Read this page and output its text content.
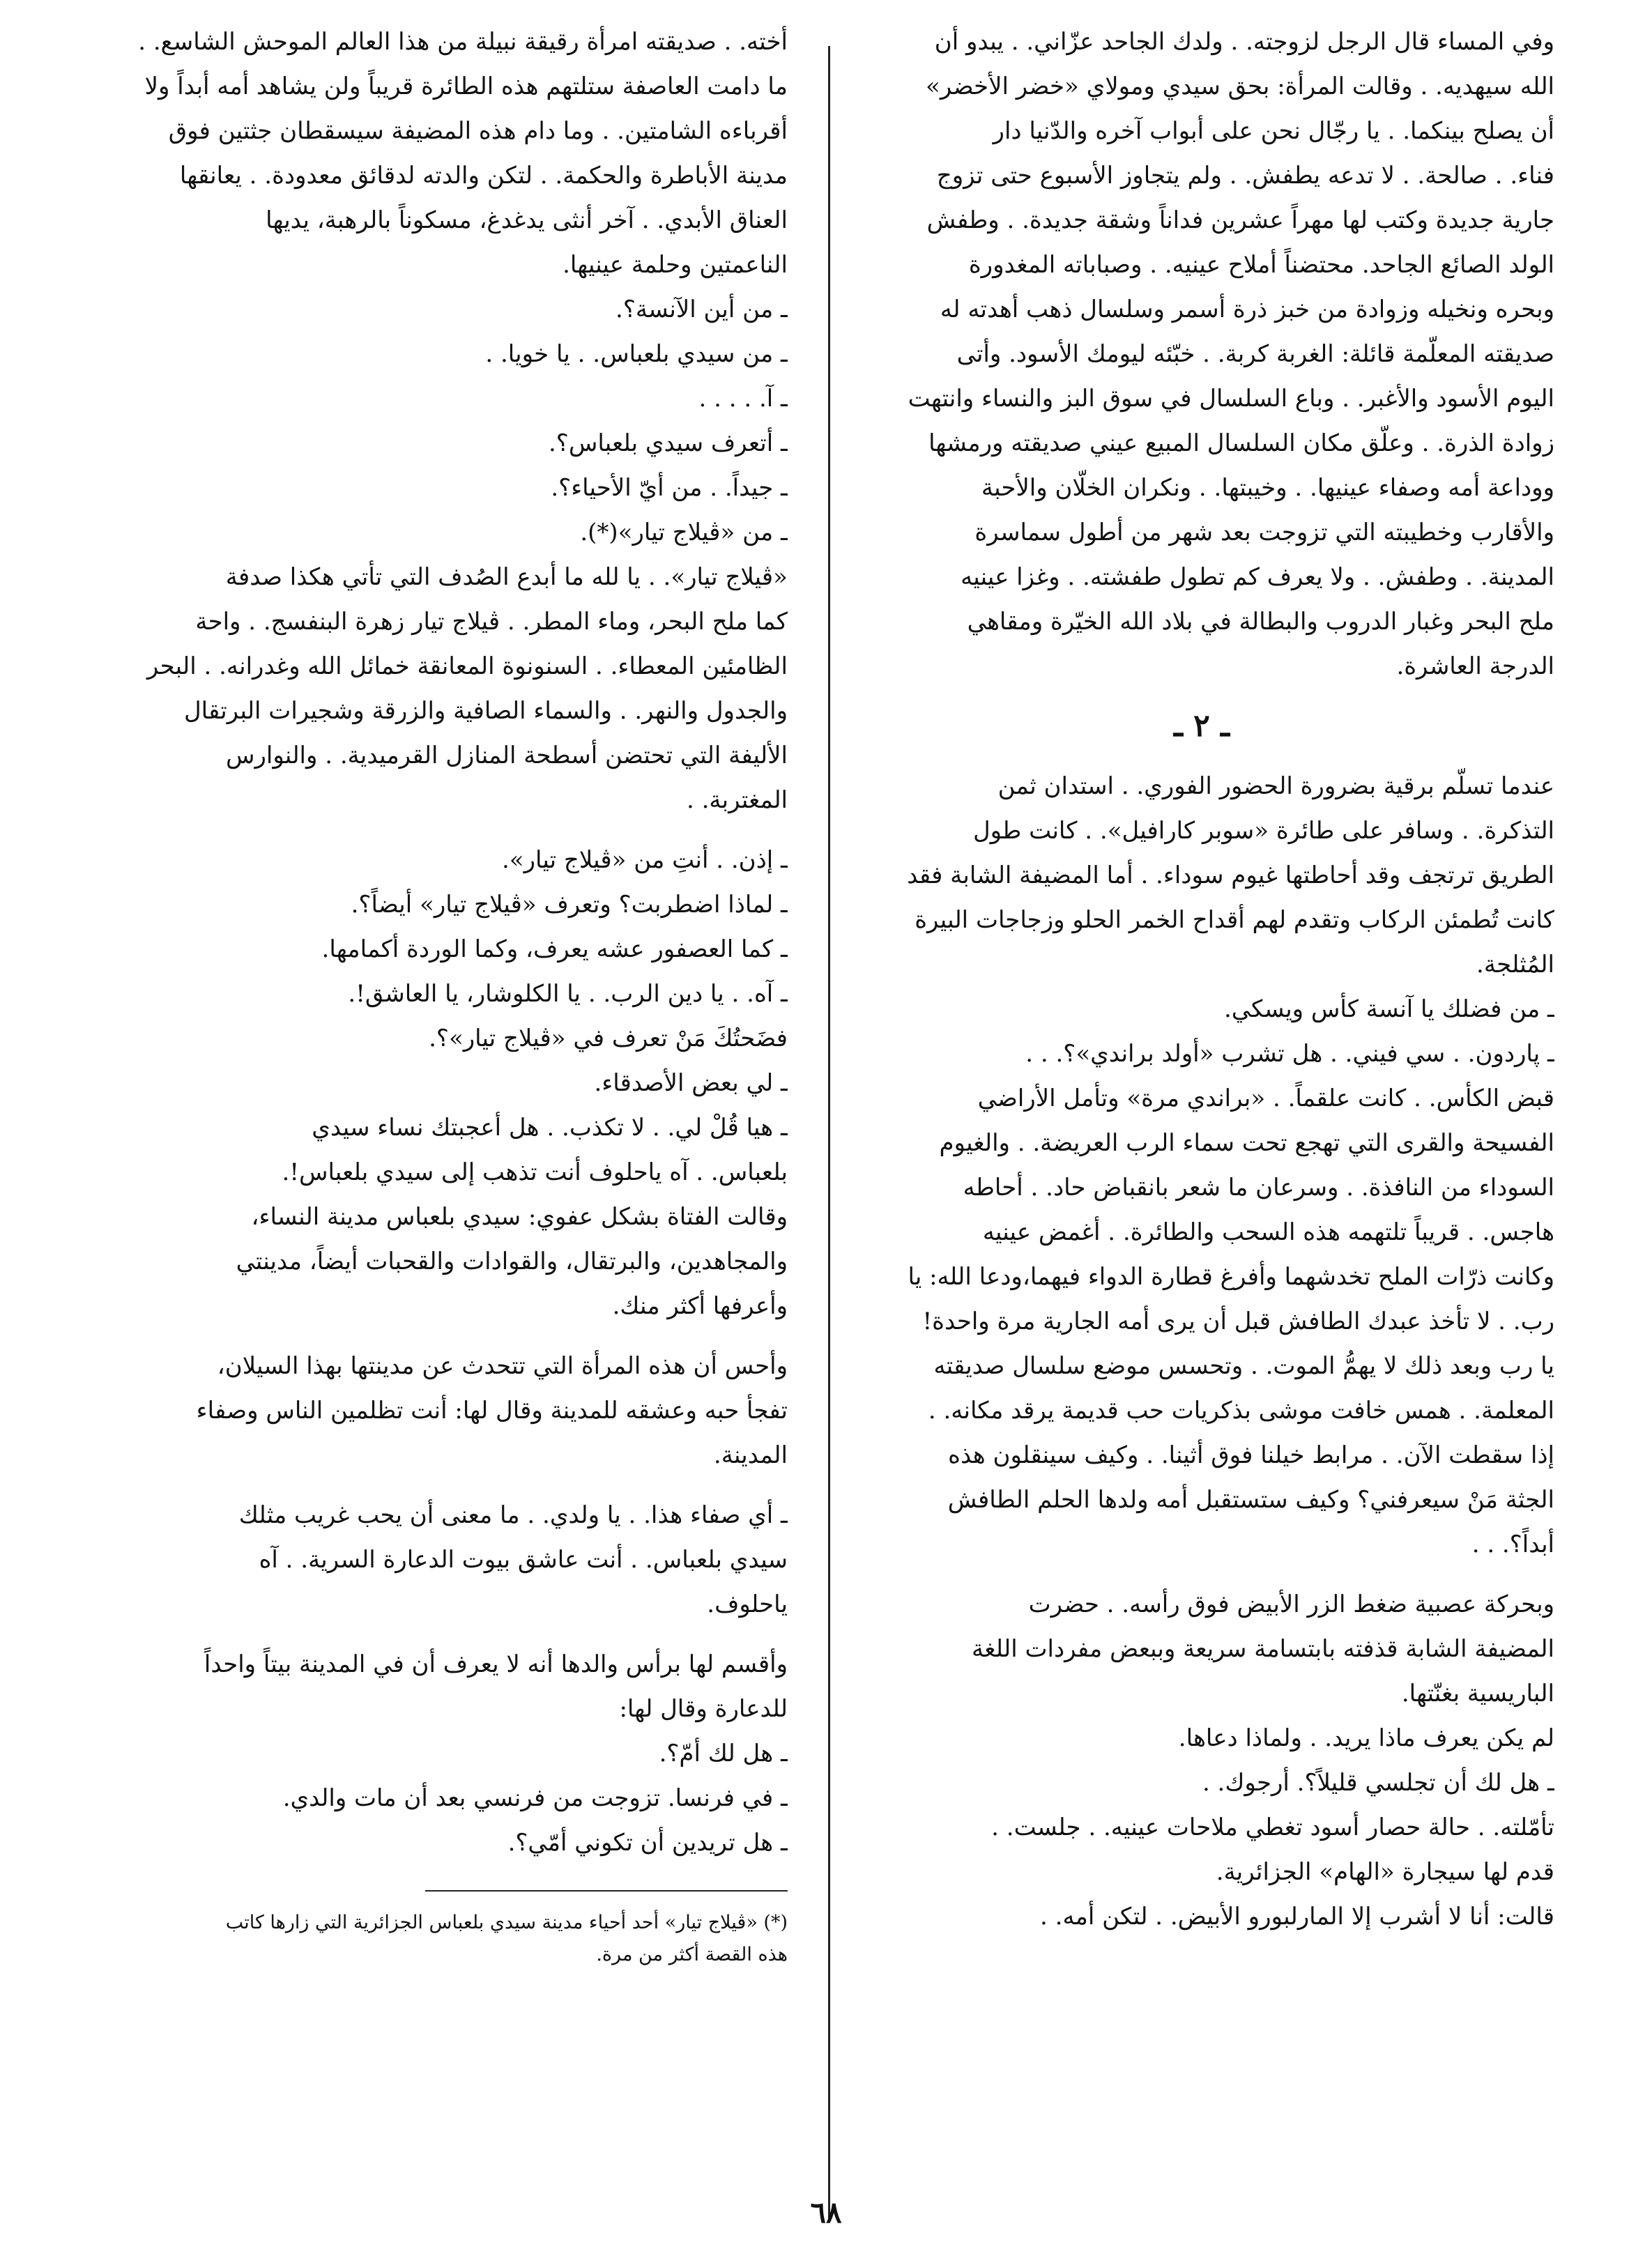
وفي المساء قال الرجل لزوجته. . ولدك الجاحد عزّاني. . يبدو أن

الله سيهديه. . وقالت المرأة: بحق سيدي ومولاي «خضر الأخضر»

أن يصلح بينكما. . يا رجّال نحن على أبواب آخره والدّنيا دار

فناء. . صالحة. . لا تدعه يطفش. . ولم يتجاوز الأسبوع حتى تزوج

جارية جديدة وكتب لها مهراً عشرين فداناً وشقة جديدة. . وطفش

الولد الصائع الجاحد. محتضناً أملاح عينيه. . وصباباته المغدورة

وبحره ونخيله وزوادة من خبز ذرة أسمر وسلسال ذهب أهدته له

صديقته المعلّمة قائلة: الغربة كربة. . خبّئه ليومك الأسود. وأتى

اليوم الأسود والأغبر. . وباع السلسال في سوق البز والنساء وانتهت

زوادة الذرة. . وعلّق مكان السلسال المبيع عيني صديقته ورمشها

ووداعة أمه وصفاء عينيها. . وخيبتها. . ونكران الخلّان والأحبة

والأقارب وخطيبته التي تزوجت بعد شهر من أطول سماسرة

المدينة. . وطفش. . ولا يعرف كم تطول طفشته. . وغزا عينيه

ملح البحر وغبار الدروب والبطالة في بلاد الله الخيّرة ومقاهي

الدرجة العاشرة.

ـ ٢ ـ

عندما تسلّم برقية بضرورة الحضور الفوري. . استدان ثمن

التذكرة. . وسافر على طائرة «سوبر كارافيل». . كانت طول

الطريق ترتجف وقد أحاطتها غيوم سوداء. . أما المضيفة الشابة فقد

كانت تُطمئن الركاب وتقدم لهم أقداح الخمر الحلو وزجاجات البيرة

المُثلجة.

ـ من فضلك يا آنسة كأس ويسكي.

ـ پاردون. . سي فيني. . هل تشرب «أولد براندي»؟. . .

قبض الكأس. . كانت علقماً. . «براندي مرة» وتأمل الأراضي

الفسيحة والقرى التي تهجع تحت سماء الرب العريضة. . والغيوم

السوداء من النافذة. . وسرعان ما شعر بانقباض حاد. . أحاطه

هاجس. . قريباً تلتهمه هذه السحب والطائرة. . أغمض عينيه

وكانت ذرّات الملح تخدشهما وأفرغ قطارة الدواء فيهما،ودعا الله: يا

رب. . لا تأخذ عبدك الطافش قبل أن يرى أمه الجارية مرة واحدة!

يا رب وبعد ذلك لا يهمُّ الموت. . وتحسس موضع سلسال صديقته

المعلمة. . همس خافت موشى بذكريات حب قديمة يرقد مكانه. .

إذا سقطت الآن. . مرابط خيلنا فوق أثينا. . وكيف سينقلون هذه

الجثة مَنْ سيعرفني؟ وكيف ستستقبل أمه ولدها الحلم الطافش

أبداً؟. . .

وبحركة عصبية ضغط الزر الأبيض فوق رأسه. . حضرت

المضيفة الشابة قذفته بابتسامة سريعة وببعض مفردات اللغة

الباريسية بغنّتها.

لم يكن يعرف ماذا يريد. . ولماذا دعاها.

ـ هل لك أن تجلسي قليلاً؟. أرجوك. .

تأمّلته. . حالة حصار أسود تغطي ملاحات عينيه. . جلست. .

قدم لها سيجارة «الهام» الجزائرية.

قالت: أنا لا أشرب إلا المارلبورو الأبيض. . لتكن أمه. .

أخته. . صديقته امرأة رقيقة نبيلة من هذا العالم الموحش الشاسع. .

ما دامت العاصفة ستلتهم هذه الطائرة قريباً ولن يشاهد أمه أبداً ولا

أقرباءه الشامتين. . وما دام هذه المضيفة سيسقطان جثتين فوق

مدينة الأباطرة والحكمة. . لتكن والدته لدقائق معدودة. . يعانقها

العناق الأبدي. . آخر أنثى يدغدغ، مسكوناً بالرهبة، يديها

الناعمتين وحلمة عينيها.

ـ من أين الآنسة؟.

ـ من سيدي بلعباس. . يا خويا. .

ـ آ. . . . .

ـ أتعرف سيدي بلعباس؟.

ـ جيداً. . من أيّ الأحياء؟.

ـ من «ڤيلاج تيار»(*).

«ڤيلاج تيار». . يا لله ما أبدع الصُدف التي تأتي هكذا صدفة

كما ملح البحر، وماء المطر. . ڤيلاج تيار زهرة البنفسج. . واحة

الظامئين المعطاء. . السنونوة المعانقة خمائل الله وغدرانه. . البحر

والجدول والنهر. . والسماء الصافية والزرقة وشجيرات البرتقال

الأليفة التي تحتضن أسطحة المنازل القرميدية. . والنوارس

المغتربة. .

ـ إذن. . أنتِ من «ڤيلاج تيار».

ـ لماذا اضطربت؟ وتعرف «ڤيلاج تيار» أيضاً؟.

ـ كما العصفور عشه يعرف، وكما الوردة أكمامها.

ـ آه. . يا دين الرب. . يا الكلوشار، يا العاشق!.

فضَحتُكَ مَنْ تعرف في «ڤيلاج تيار»؟.

ـ لي بعض الأصدقاء.

ـ هيا قُلْ لي. . لا تكذب. . هل أعجبتك نساء سيدي

بلعباس. . آه ياحلوف أنت تذهب إلى سيدي بلعباس!.

وقالت الفتاة بشكل عفوي: سيدي بلعباس مدينة النساء،

والمجاهدين، والبرتقال، والقوادات والقحبات أيضاً، مدينتي

وأعرفها أكثر منك.

وأحس أن هذه المرأة التي تتحدث عن مدينتها بهذا السيلان،

تفجأ حبه وعشقه للمدينة وقال لها: أنت تظلمين الناس وصفاء

المدينة.

ـ أي صفاء هذا. . يا ولدي. . ما معنى أن يحب غريب مثلك

سيدي بلعباس. . أنت عاشق بيوت الدعارة السرية. . آه

ياحلوف.

وأقسم لها برأس والدها أنه لا يعرف أن في المدينة بيتاً واحداً

للدعارة وقال لها:

ـ هل لك أمّ؟.

ـ في فرنسا. تزوجت من فرنسي بعد أن مات والدي.

ـ هل تريدين أن تكوني أمّي؟.

(*) «ڤيلاج تيار» أحد أحياء مدينة سيدي بلعباس الجزائرية التي زارها كاتب

هذه القصة أكثر من مرة.

٦٨
